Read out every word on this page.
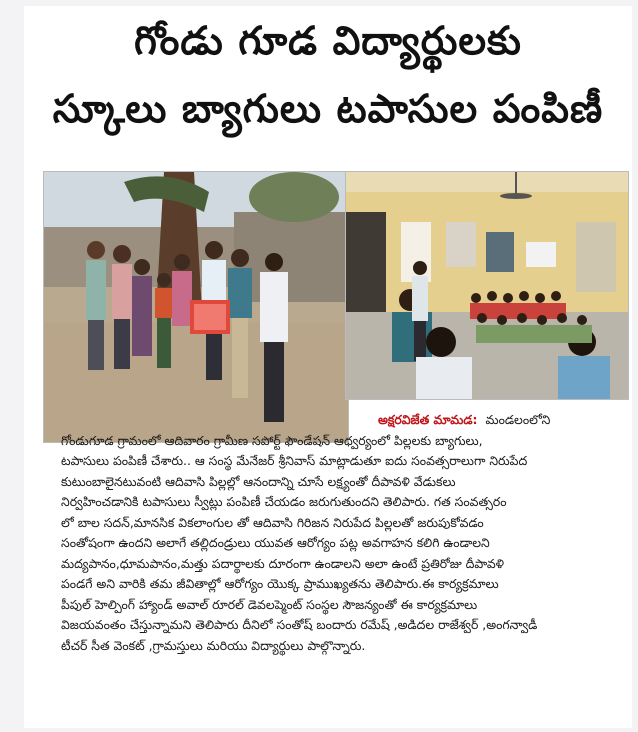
గోండు గూడ విద్యార్థులకు
స్కూలు బ్యాగులు టపాసుల పంపిణీ
అక్షరవిజేత మామడ: మండలంలోని
గోండుగూడ గ్రామంలో ఆదివారం గ్రామీణ సపోర్ట్ ఫౌండేషన్ ఆధ్వర్యంలో పిల్లలకు బ్యాగులు,
టపాసులు పంపిణీ చేశారు.. ఆ సంస్థ మేనేజర్ శ్రీనివాస్ మాట్లాడుతూ ఐదు సంవత్సరాలుగా నిరుపేద
కుటుంబాలైనటువంటి ఆదివాసి పిల్లల్లో ఆనందాన్ని చూసే లక్ష్యంతో దీపావళి వేడుకలు
నిర్వహించడానికి టపాసులు స్వీట్లు పంపిణీ చేయడం జరుగుతుందని తెలిపారు. గత సంవత్సరం
లో బాల సదన్,మానసిక వికలాంగుల తో ఆదివాసి గిరిజన నిరుపేద పిల్లలతో జరుపుకోవడం
సంతోషంగా ఉందని అలాగే తల్లిదండ్రులు యువత ఆరోగ్యం పట్ల అవగాహన కలిగి ఉండాలని
మద్యపానం,ధూమపానం,మత్తు పదార్థాలకు దూరంగా ఉండాలని అలా ఉంటే ప్రతిరోజు దీపావళి
పండగే అని వారికి తమ జీవితాల్లో ఆరోగ్యం యొక్క ప్రాముఖ్యతను తెలిపారు.ఈ కార్యక్రమాలు
పీపుల్ హెల్పింగ్ హ్యాండ్ అవాల్ రూరల్ డెవలప్మెంట్ సంస్థల సౌజన్యంతో ఈ కార్యక్రమాలు
విజయవంతం చేస్తున్నామని తెలిపారు దీనిలో సంతోష్ బందారు రమేష్ ,అడిదల రాజేశ్వర్ ,అంగన్వాడీ
టీచర్ సీత వెంకట్ ,గ్రామస్తులు మరియు విద్యార్థులు పాల్గొన్నారు.
